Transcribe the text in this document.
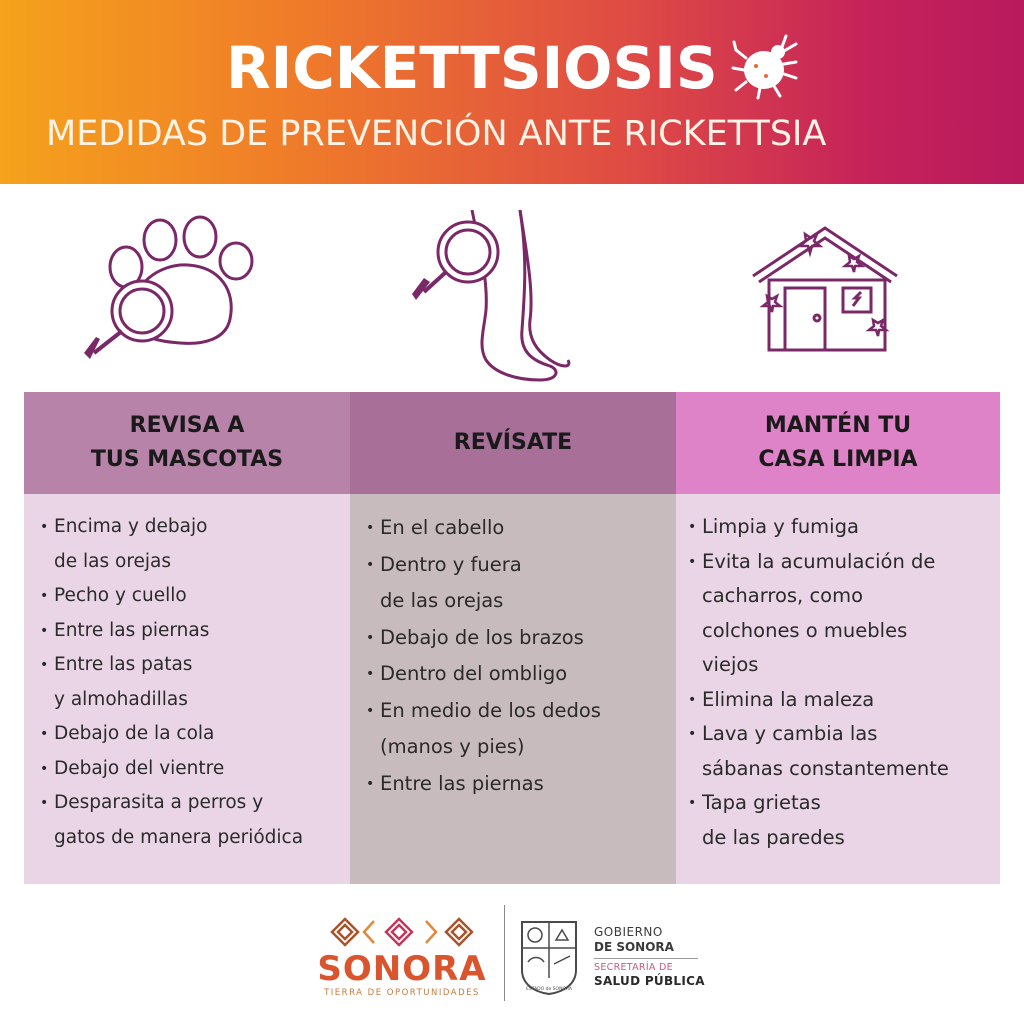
RICKETTSIOSIS
MEDIDAS DE PREVENCIÓN ANTE RICKETTSIA
REVISA A
TUS MASCOTAS
REVÍSATE
MANTÉN TU
CASA LIMPIA
• Encima y debajo
de las orejas
• Pecho y cuello
• Entre las piernas
• Entre las patas
y almohadillas
• Debajo de la cola
• Debajo del vientre
• Desparasita a perros y
gatos de manera periódica
• En el cabello
• Dentro y fuera
de las orejas
• Debajo de los brazos
• Dentro del ombligo
• En medio de los dedos
(manos y pies)
• Entre las piernas
• Limpia y fumiga
• Evita la acumulación de
cacharros, como
colchones o muebles
viejos
• Elimina la maleza
• Lava y cambia las
sábanas constantemente
• Tapa grietas
de las paredes
SONORA
TIERRA DE OPORTUNIDADES	ESTADO de SONORA
GOBIERNO
DE SONORA
SECRETARÍA DE
SALUD PÚBLICA
